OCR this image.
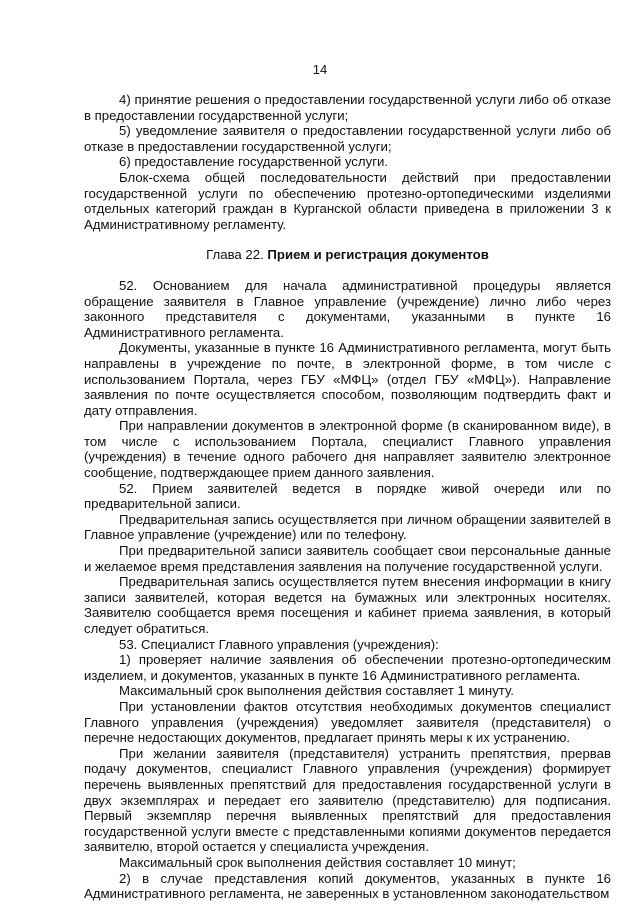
14

4) принятие решения о предоставлении государственной услуги либо об отказе в предоставлении государственной услуги;

5) уведомление заявителя о предоставлении государственной услуги либо об отказе в предоставлении государственной услуги;

6) предоставление государственной услуги.

Блок-схема общей последовательности действий при предоставлении государственной услуги по обеспечению протезно-ортопедическими изделиями отдельных категорий граждан в Курганской области приведена в приложении 3 к Административному регламенту.

Глава 22. Прием и регистрация документов

52. Основанием для начала административной процедуры является обращение заявителя в Главное управление (учреждение) лично либо через законного представителя с документами, указанными в пункте 16 Административного регламента.

Документы, указанные в пункте 16 Административного регламента, могут быть направлены в учреждение по почте, в электронной форме, в том числе с использованием Портала, через ГБУ «МФЦ» (отдел ГБУ «МФЦ»). Направление заявления по почте осуществляется способом, позволяющим подтвердить факт и дату отправления.

При направлении документов в электронной форме (в сканированном виде), в том числе с использованием Портала, специалист Главного управления (учреждения) в течение одного рабочего дня направляет заявителю электронное сообщение, подтверждающее прием данного заявления.

52. Прием заявителей ведется в порядке живой очереди или по предварительной записи.

Предварительная запись осуществляется при личном обращении заявителей в Главное управление (учреждение) или по телефону.

При предварительной записи заявитель сообщает свои персональные данные и желаемое время представления заявления на получение государственной услуги.

Предварительная запись осуществляется путем внесения информации в книгу записи заявителей, которая ведется на бумажных или электронных носителях. Заявителю сообщается время посещения и кабинет приема заявления, в который следует обратиться.

53. Специалист Главного управления (учреждения):

1) проверяет наличие заявления об обеспечении протезно-ортопедическим изделием, и документов, указанных в пункте 16 Административного регламента.

Максимальный срок выполнения действия составляет 1 минуту.

При установлении фактов отсутствия необходимых документов специалист Главного управления (учреждения) уведомляет заявителя (представителя) о перечне недостающих документов, предлагает принять меры к их устранению.

При желании заявителя (представителя) устранить препятствия, прервав подачу документов, специалист Главного управления (учреждения) формирует перечень выявленных препятствий для предоставления государственной услуги в двух экземплярах и передает его заявителю (представителю) для подписания. Первый экземпляр перечня выявленных препятствий для предоставления государственной услуги вместе с представленными копиями документов передается заявителю, второй остается у специалиста учреждения.

Максимальный срок выполнения действия составляет 10 минут;

2) в случае представления копий документов, указанных в пункте 16 Административного регламента, не заверенных в установленном законодательством
